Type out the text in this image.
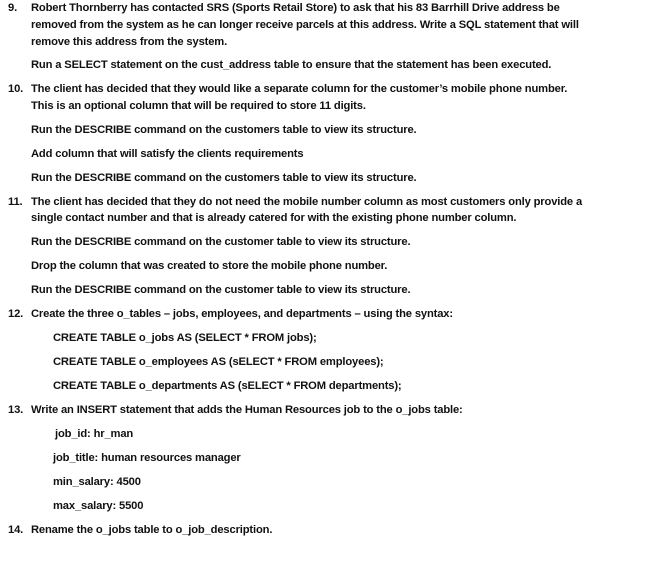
9. Robert Thornberry has contacted SRS (Sports Retail Store) to ask that his 83 Barrhill Drive address be
removed from the system as he can longer receive parcels at this address. Write a SQL statement that will
remove this address from the system.
Run a SELECT statement on the cust_address table to ensure that the statement has been executed.
10. The client has decided that they would like a separate column for the customer’s mobile phone number.
This is an optional column that will be required to store 11 digits.
Run the DESCRIBE command on the customers table to view its structure.
Add column that will satisfy the clients requirements
Run the DESCRIBE command on the customers table to view its structure.
11. The client has decided that they do not need the mobile number column as most customers only provide a
single contact number and that is already catered for with the existing phone number column.
Run the DESCRIBE command on the customer table to view its structure.
Drop the column that was created to store the mobile phone number.
Run the DESCRIBE command on the customer table to view its structure.
12. Create the three o_tables – jobs, employees, and departments – using the syntax:
CREATE TABLE o_jobs AS (SELECT * FROM jobs);
CREATE TABLE o_employees AS (sELECT * FROM employees);
CREATE TABLE o_departments AS (sELECT * FROM departments);
13. Write an INSERT statement that adds the Human Resources job to the o_jobs table:
job_id: hr_man
job_title: human resources manager
min_salary: 4500
max_salary: 5500
14. Rename the o_jobs table to o_job_description.
